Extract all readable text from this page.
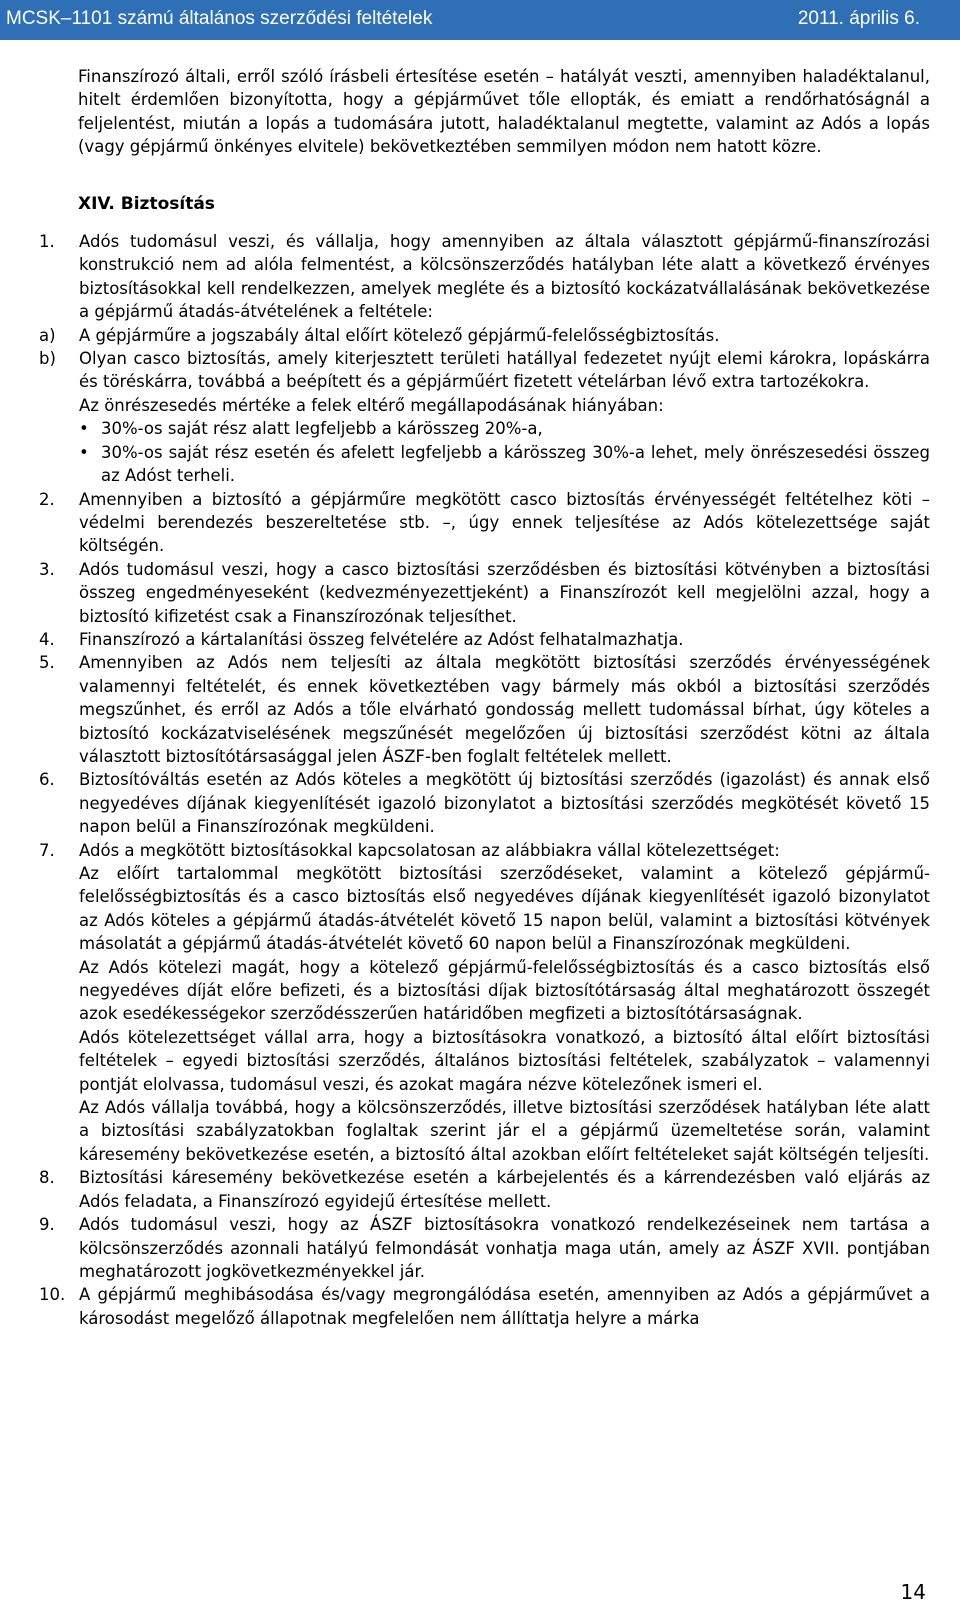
MCSK–1101 számú általános szerződési feltételek	2011. április 6.

Finanszírozó általi, erről szóló írásbeli értesítése esetén – hatályát veszti, amennyiben haladéktalanul, hitelt érdemlően bizonyította, hogy a gépjárművet tőle ellopták, és emiatt a rendőrhatóságnál a feljelentést, miután a lopás a tudomására jutott, haladéktalanul megtette, valamint az Adós a lopás (vagy gépjármű önkényes elvitele) bekövetkeztében semmilyen módon nem hatott közre.

XIV. Biztosítás

1. Adós tudomásul veszi, és vállalja, hogy amennyiben az általa választott gépjármű-finanszírozási konstrukció nem ad alóla felmentést, a kölcsönszerződés hatályban léte alatt a következő érvényes biztosításokkal kell rendelkezzen, amelyek megléte és a biztosító kockázatvállalásának bekövetkezése a gépjármű átadás-átvételének a feltétele:

a) A gépjárműre a jogszabály által előírt kötelező gépjármű-felelősségbiztosítás.

b) Olyan casco biztosítás, amely kiterjesztett területi hatállyal fedezetet nyújt elemi károkra, lopáskárra és töréskárra, továbbá a beépített és a gépjárműért fizetett vételárban lévő extra tartozékokra.

Az önrészesedés mértéke a felek eltérő megállapodásának hiányában:

• 30%-os saját rész alatt legfeljebb a kárösszeg 20%-a,

• 30%-os saját rész esetén és afelett legfeljebb a kárösszeg 30%-a lehet, mely önrészesedési összeg az Adóst terheli.

2. Amennyiben a biztosító a gépjárműre megkötött casco biztosítás érvényességét feltételhez köti – védelmi berendezés beszereltetése stb. –, úgy ennek teljesítése az Adós kötelezettsége saját költségén.

3. Adós tudomásul veszi, hogy a casco biztosítási szerződésben és biztosítási kötvényben a biztosítási összeg engedményeseként (kedvezményezettjeként) a Finanszírozót kell megjelölni azzal, hogy a biztosító kifizetést csak a Finanszírozónak teljesíthet.

4. Finanszírozó a kártalanítási összeg felvételére az Adóst felhatalmazhatja.

5. Amennyiben az Adós nem teljesíti az általa megkötött biztosítási szerződés érvényességének valamennyi feltételét, és ennek következtében vagy bármely más okból a biztosítási szerződés megszűnhet, és erről az Adós a tőle elvárható gondosság mellett tudomással bírhat, úgy köteles a biztosító kockázatviselésének megszűnését megelőzően új biztosítási szerződést kötni az általa választott biztosítótársasággal jelen ÁSZF-ben foglalt feltételek mellett.

6. Biztosítóváltás esetén az Adós köteles a megkötött új biztosítási szerződés (igazolást) és annak első negyedéves díjának kiegyenlítését igazoló bizonylatot a biztosítási szerződés megkötését követő 15 napon belül a Finanszírozónak megküldeni.

7. Adós a megkötött biztosításokkal kapcsolatosan az alábbiakra vállal kötelezettséget:

Az előírt tartalommal megkötött biztosítási szerződéseket, valamint a kötelező gépjármű-felelősségbiztosítás és a casco biztosítás első negyedéves díjának kiegyenlítését igazoló bizonylatot az Adós köteles a gépjármű átadás-átvételét követő 15 napon belül, valamint a biztosítási kötvények másolatát a gépjármű átadás-átvételét követő 60 napon belül a Finanszírozónak megküldeni.

Az Adós kötelezi magát, hogy a kötelező gépjármű-felelősségbiztosítás és a casco biztosítás első negyedéves díját előre befizeti, és a biztosítási díjak biztosítótársaság által meghatározott összegét azok esedékességekor szerződésszerűen határidőben megfizeti a biztosítótársaságnak.

Adós kötelezettséget vállal arra, hogy a biztosításokra vonatkozó, a biztosító által előírt biztosítási feltételek – egyedi biztosítási szerződés, általános biztosítási feltételek, szabályzatok – valamennyi pontját elolvassa, tudomásul veszi, és azokat magára nézve kötelezőnek ismeri el.

Az Adós vállalja továbbá, hogy a kölcsönszerződés, illetve biztosítási szerződések hatályban léte alatt a biztosítási szabályzatokban foglaltak szerint jár el a gépjármű üzemeltetése során, valamint káresemény bekövetkezése esetén, a biztosító által azokban előírt feltételeket saját költségén teljesíti.

8. Biztosítási káresemény bekövetkezése esetén a kárbejelentés és a kárrendezésben való eljárás az Adós feladata, a Finanszírozó egyidejű értesítése mellett.

9. Adós tudomásul veszi, hogy az ÁSZF biztosításokra vonatkozó rendelkezéseinek nem tartása a kölcsönszerződés azonnali hatályú felmondását vonhatja maga után, amely az ÁSZF XVII. pontjában meghatározott jogkövetkezményekkel jár.

10. A gépjármű meghibásodása és/vagy megrongálódása esetén, amennyiben az Adós a gépjárművet a károsodást megelőző állapotnak megfelelően nem állíttatja helyre a márka

14
